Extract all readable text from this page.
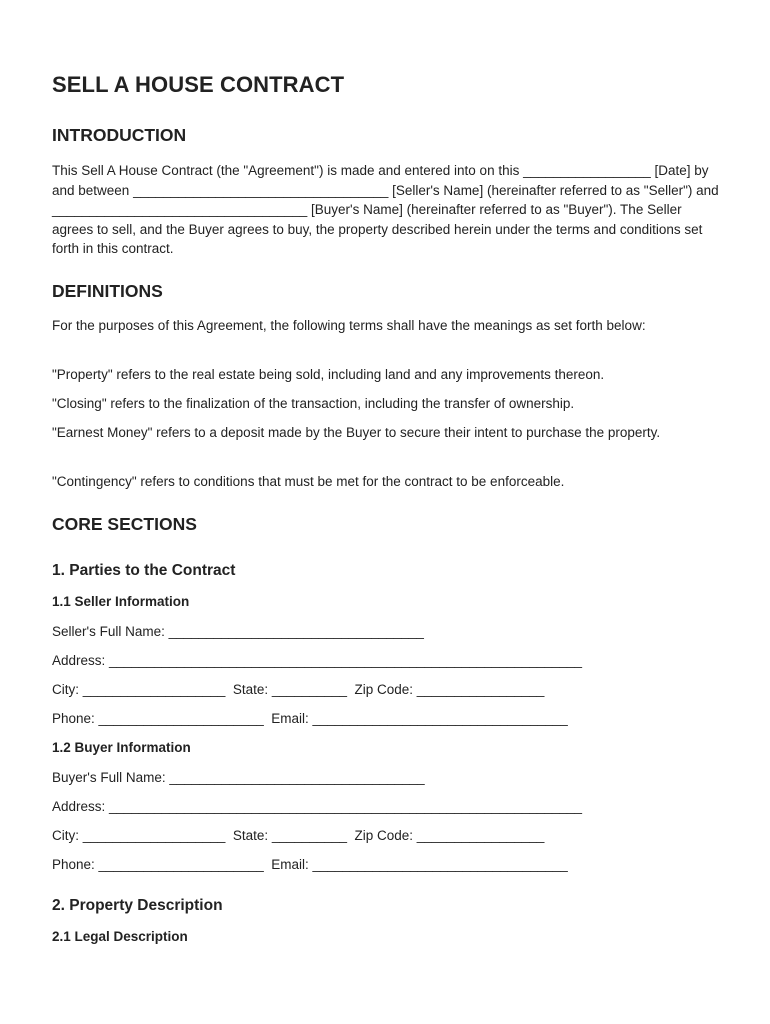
SELL A HOUSE CONTRACT
INTRODUCTION

This Sell A House Contract (the "Agreement") is made and entered into on this _________________ [Date] by and between __________________________________ [Seller's Name] (hereinafter referred to as "Seller") and __________________________________ [Buyer's Name] (hereinafter referred to as "Buyer"). The Seller agrees to sell, and the Buyer agrees to buy, the property described herein under the terms and conditions set forth in this contract.

DEFINITIONS

For the purposes of this Agreement, the following terms shall have the meanings as set forth below:

"Property" refers to the real estate being sold, including land and any improvements thereon.

"Closing" refers to the finalization of the transaction, including the transfer of ownership.

"Earnest Money" refers to a deposit made by the Buyer to secure their intent to purchase the property.

"Contingency" refers to conditions that must be met for the contract to be enforceable.

CORE SECTIONS
1. Parties to the Contract
1.1 Seller Information

Seller's Full Name: __________________________________

Address: _______________________________________________________________

City: ___________________  State: __________  Zip Code: _________________

Phone: ______________________  Email: __________________________________

1.2 Buyer Information

Buyer's Full Name: __________________________________

Address: _______________________________________________________________

City: ___________________  State: __________  Zip Code: _________________

Phone: ______________________  Email: __________________________________

2. Property Description
2.1 Legal Description
